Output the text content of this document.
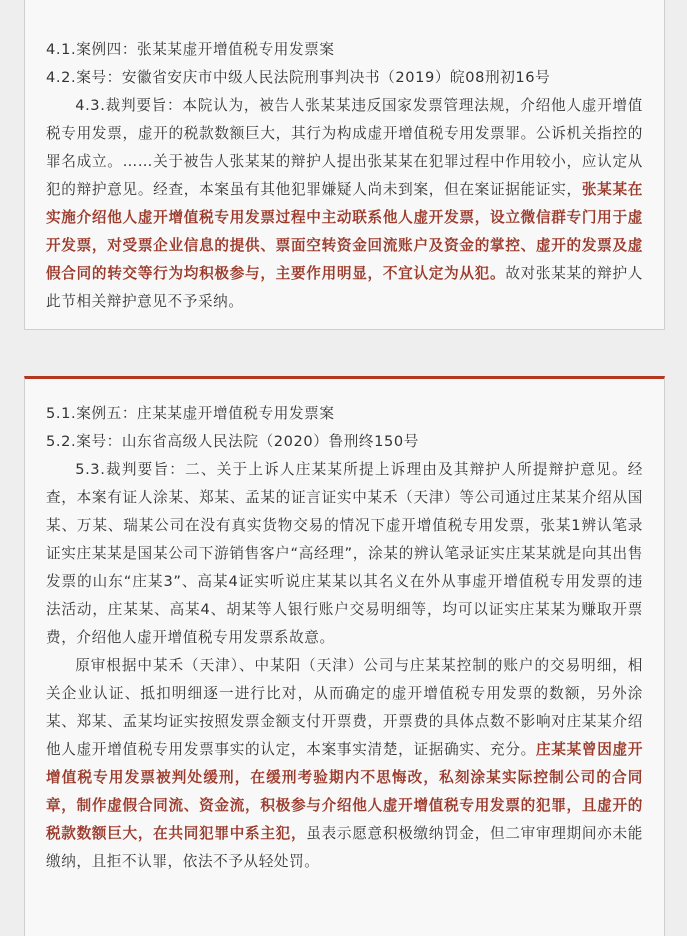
4.1.案例四：张某某虚开增值税专用发票案

4.2.案号：安徽省安庆市中级人民法院刑事判决书（2019）皖08刑初16号

4.3.裁判要旨：本院认为，被告人张某某违反国家发票管理法规，介绍他人虚开增值税专用发票，虚开的税款数额巨大，其行为构成虚开增值税专用发票罪。公诉机关指控的罪名成立。……关于被告人张某某的辩护人提出张某某在犯罪过程中作用较小，应认定从犯的辩护意见。经查，本案虽有其他犯罪嫌疑人尚未到案，但在案证据能证实，张某某在实施介绍他人虚开增值税专用发票过程中主动联系他人虚开发票，设立微信群专门用于虚开发票，对受票企业信息的提供、票面空转资金回流账户及资金的掌控、虚开的发票及虚假合同的转交等行为均积极参与，主要作用明显，不宜认定为从犯。故对张某某的辩护人此节相关辩护意见不予采纳。

5.1.案例五：庄某某虚开增值税专用发票案

5.2.案号：山东省高级人民法院（2020）鲁刑终150号

5.3.裁判要旨：二、关于上诉人庄某某所提上诉理由及其辩护人所提辩护意见。经查，本案有证人涂某、郑某、孟某的证言证实中某禾（天津）等公司通过庄某某介绍从国某、万某、瑞某公司在没有真实货物交易的情况下虚开增值税专用发票，张某1辨认笔录证实庄某某是国某公司下游销售客户“高经理”，涂某的辨认笔录证实庄某某就是向其出售发票的山东“庄某3”、高某4证实听说庄某某以其名义在外从事虚开增值税专用发票的违法活动，庄某某、高某4、胡某等人银行账户交易明细等，均可以证实庄某某为赚取开票费，介绍他人虚开增值税专用发票系故意。

原审根据中某禾（天津）、中某阳（天津）公司与庄某某控制的账户的交易明细，相关企业认证、抵扣明细逐一进行比对，从而确定的虚开增值税专用发票的数额，另外涂某、郑某、孟某均证实按照发票金额支付开票费，开票费的具体点数不影响对庄某某介绍他人虚开增值税专用发票事实的认定，本案事实清楚，证据确实、充分。庄某某曾因虚开增值税专用发票被判处缓刑，在缓刑考验期内不思悔改，私刻涂某实际控制公司的合同章，制作虚假合同流、资金流，积极参与介绍他人虚开增值税专用发票的犯罪，且虚开的税款数额巨大，在共同犯罪中系主犯，虽表示愿意积极缴纳罚金，但二审审理期间亦未能缴纳，且拒不认罪，依法不予从轻处罚。
